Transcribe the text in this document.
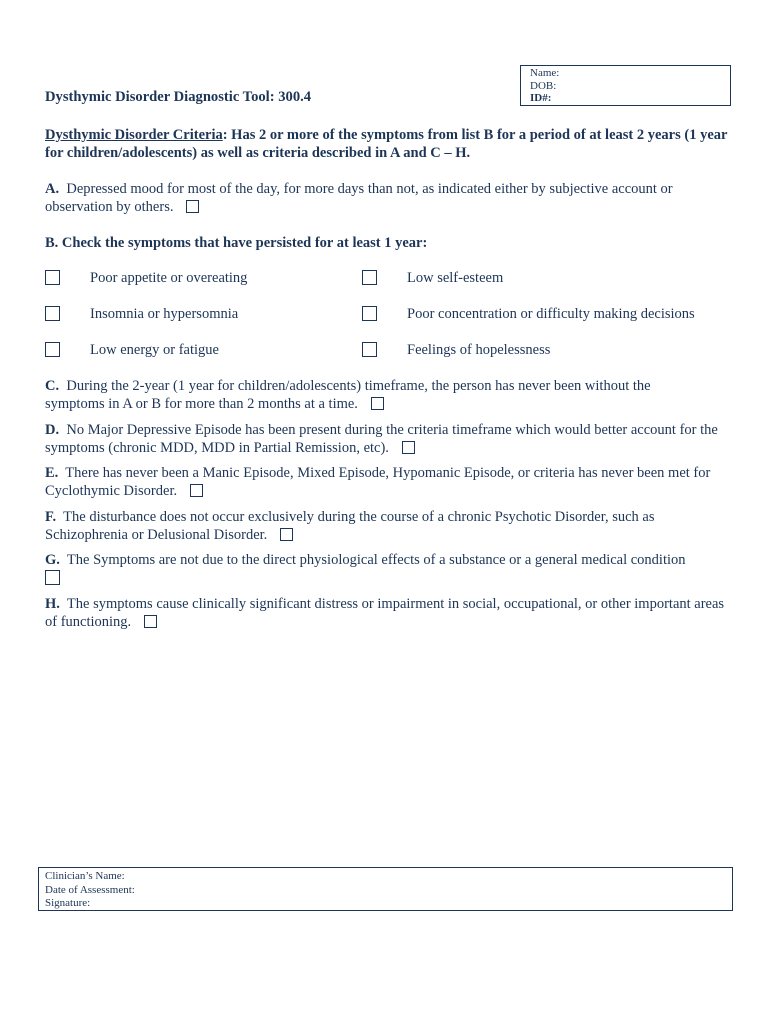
Dysthymic Disorder Diagnostic Tool: 300.4
Name:
DOB:
ID#:
Dysthymic Disorder Criteria: Has 2 or more of the symptoms from list B for a period of at least 2 years (1 year for children/adolescents) as well as criteria described in A and C – H.
A. Depressed mood for most of the day, for more days than not, as indicated either by subjective account or observation by others.
B. Check the symptoms that have persisted for at least 1 year:
Poor appetite or overeating	Low self-esteem
Insomnia or hypersomnia	Poor concentration or difficulty making decisions
Low energy or fatigue	Feelings of hopelessness
C. During the 2-year (1 year for children/adolescents) timeframe, the person has never been without the symptoms in A or B for more than 2 months at a time.
D. No Major Depressive Episode has been present during the criteria timeframe which would better account for the symptoms (chronic MDD, MDD in Partial Remission, etc).
E. There has never been a Manic Episode, Mixed Episode, Hypomanic Episode, or criteria has never been met for Cyclothymic Disorder.
F. The disturbance does not occur exclusively during the course of a chronic Psychotic Disorder, such as Schizophrenia or Delusional Disorder.
G. The Symptoms are not due to the direct physiological effects of a substance or a general medical condition
H. The symptoms cause clinically significant distress or impairment in social, occupational, or other important areas of functioning.
Clinician’s Name:
Date of Assessment:
Signature:
